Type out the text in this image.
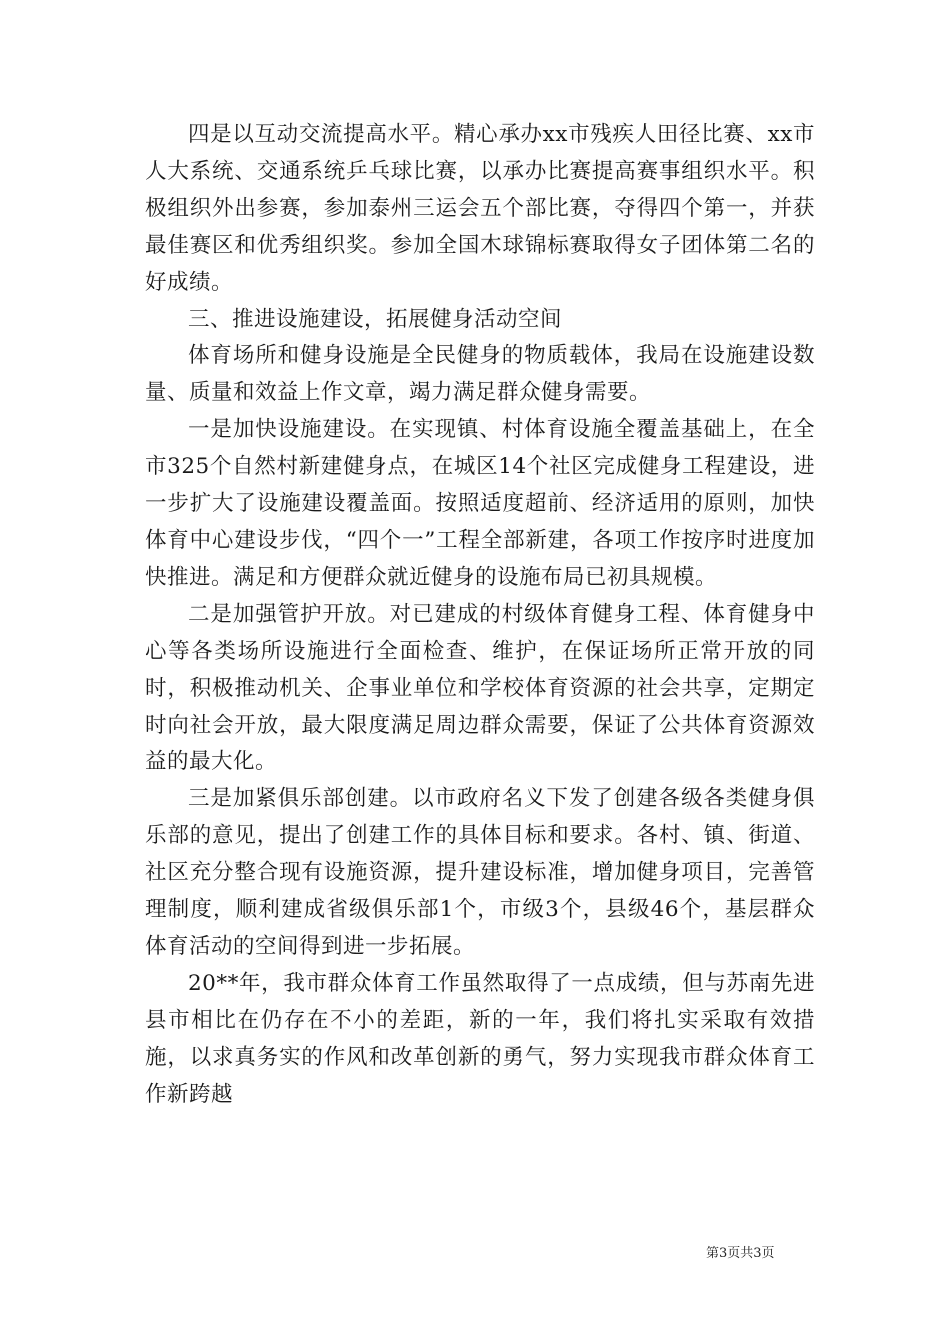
四是以互动交流提高水平。精心承办xx市残疾人田径比赛、xx市人大系统、交通系统乒乓球比赛，以承办比赛提高赛事组织水平。积极组织外出参赛，参加泰州三运会五个部比赛，夺得四个第一，并获最佳赛区和优秀组织奖。参加全国木球锦标赛取得女子团体第二名的好成绩。

三、推进设施建设，拓展健身活动空间

体育场所和健身设施是全民健身的物质载体，我局在设施建设数量、质量和效益上作文章，竭力满足群众健身需要。

一是加快设施建设。在实现镇、村体育设施全覆盖基础上，在全市325个自然村新建健身点，在城区14个社区完成健身工程建设，进一步扩大了设施建设覆盖面。按照适度超前、经济适用的原则，加快体育中心建设步伐，“四个一”工程全部新建，各项工作按序时进度加快推进。满足和方便群众就近健身的设施布局已初具规模。

二是加强管护开放。对已建成的村级体育健身工程、体育健身中心等各类场所设施进行全面检查、维护，在保证场所正常开放的同时，积极推动机关、企事业单位和学校体育资源的社会共享，定期定时向社会开放，最大限度满足周边群众需要，保证了公共体育资源效益的最大化。

三是加紧俱乐部创建。以市政府名义下发了创建各级各类健身俱乐部的意见，提出了创建工作的具体目标和要求。各村、镇、街道、社区充分整合现有设施资源，提升建设标准，增加健身项目，完善管理制度，顺利建成省级俱乐部1个，市级3个，县级46个，基层群众体育活动的空间得到进一步拓展。

20**年，我市群众体育工作虽然取得了一点成绩，但与苏南先进县市相比在仍存在不小的差距，新的一年，我们将扎实采取有效措施，以求真务实的作风和改革创新的勇气，努力实现我市群众体育工作新跨越

第3页共3页
